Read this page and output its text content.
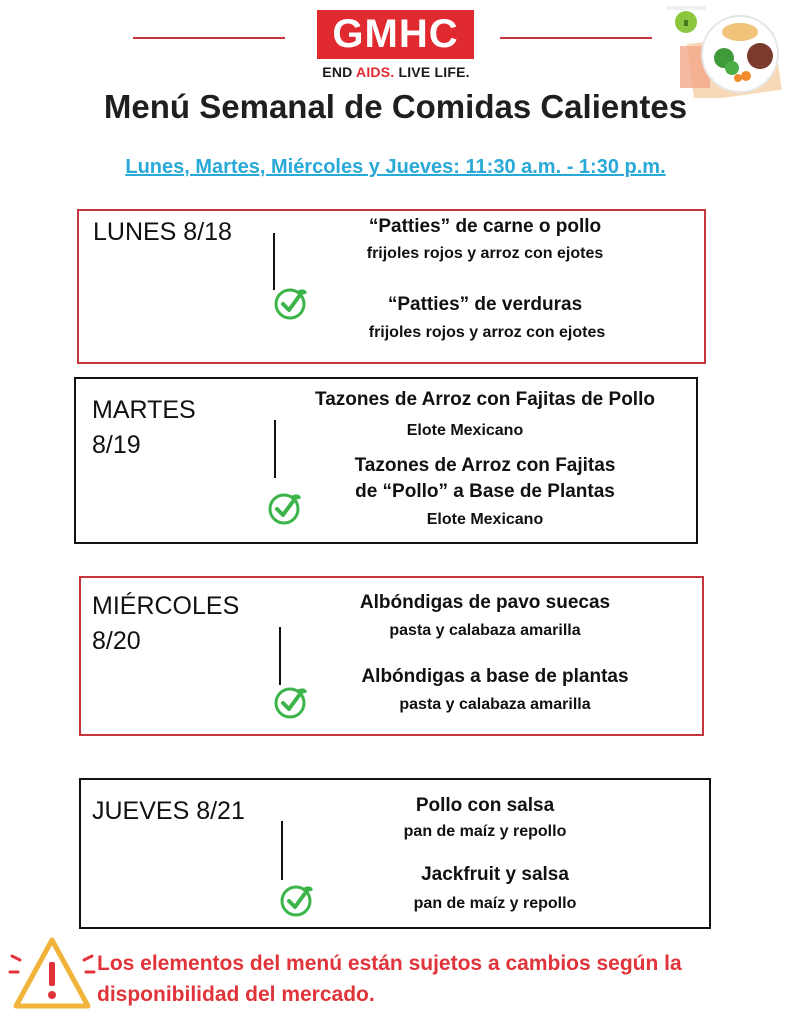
GMHC
END AIDS. LIVE LIFE.
Menú Semanal de Comidas Calientes
Lunes, Martes, Miércoles y Jueves: 11:30 a.m. - 1:30 p.m.
LUNES 8/18	“Patties” de carne o pollo
frijoles rojos y arroz con ejotes
“Patties” de verduras
frijoles rojos y arroz con ejotes
MARTES
8/19
Tazones de Arroz con Fajitas de Pollo
Elote Mexicano
Tazones de Arroz con Fajitas
de “Pollo” a Base de Plantas
Elote Mexicano
MIÉRCOLES
8/20
Albóndigas de pavo suecas
pasta y calabaza amarilla
Albóndigas a base de plantas
pasta y calabaza amarilla
JUEVES 8/21	Pollo con salsa
pan de maíz y repollo
Jackfruit y salsa
pan de maíz y repollo
Los elementos del menú están sujetos a cambios según la
disponibilidad del mercado.
